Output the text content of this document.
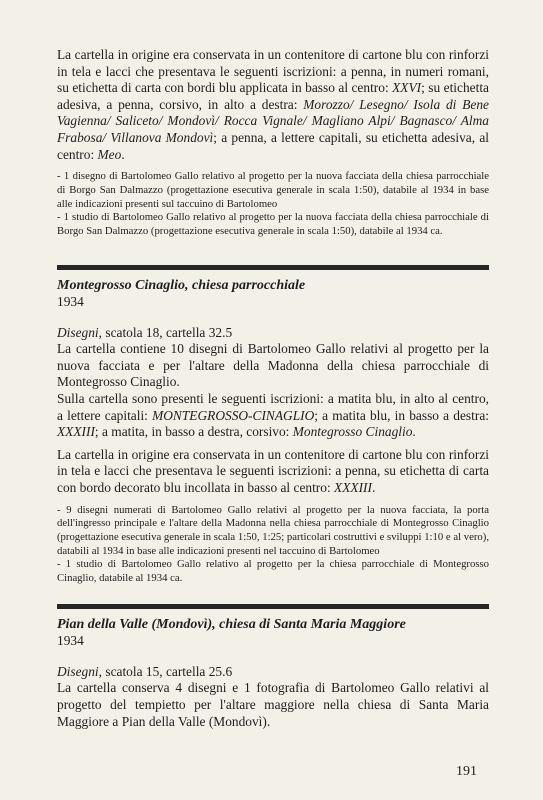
La cartella in origine era conservata in un contenitore di cartone blu con rinforzi in tela e lacci che presentava le seguenti iscrizioni: a penna, in numeri romani, su etichetta di carta con bordi blu applicata in basso al centro: XXVI; su etichetta adesiva, a penna, corsivo, in alto a destra: Morozzo/ Lesegno/ Isola di Bene Vagienna/ Saliceto/ Mondovì/ Rocca Vignale/ Magliano Alpi/ Bagnasco/ Alma Frabosa/ Villanova Mondovì; a penna, a lettere capitali, su etichetta adesiva, al centro: Meo.

- 1 disegno di Bartolomeo Gallo relativo al progetto per la nuova facciata della chiesa parrocchiale di Borgo San Dalmazzo (progettazione esecutiva generale in scala 1:50), databile al 1934 in base alle indicazioni presenti sul taccuino di Bartolomeo

- 1 studio di Bartolomeo Gallo relativo al progetto per la nuova facciata della chiesa parrocchiale di Borgo San Dalmazzo (progettazione esecutiva generale in scala 1:50), databile al 1934 ca.

Montegrosso Cinaglio, chiesa parrocchiale

1934

Disegni, scatola 18, cartella 32.5

La cartella contiene 10 disegni di Bartolomeo Gallo relativi al progetto per la nuova facciata e per l'altare della Madonna della chiesa parrocchiale di Montegrosso Cinaglio.

Sulla cartella sono presenti le seguenti iscrizioni: a matita blu, in alto al centro, a lettere capitali: MONTEGROSSO-CINAGLIO; a matita blu, in basso a destra: XXXIII; a matita, in basso a destra, corsivo: Montegrosso Cinaglio.

La cartella in origine era conservata in un contenitore di cartone blu con rinforzi in tela e lacci che presentava le seguenti iscrizioni: a penna, su etichetta di carta con bordo decorato blu incollata in basso al centro: XXXIII.

- 9 disegni numerati di Bartolomeo Gallo relativi al progetto per la nuova facciata, la porta dell'ingresso principale e l'altare della Madonna nella chiesa parrocchiale di Montegrosso Cinaglio (progettazione esecutiva generale in scala 1:50, 1:25; particolari costruttivi e sviluppi 1:10 e al vero), databili al 1934 in base alle indicazioni presenti nel taccuino di Bartolomeo

- 1 studio di Bartolomeo Gallo relativo al progetto per la chiesa parrocchiale di Montegrosso Cinaglio, databile al 1934 ca.

Pian della Valle (Mondovì), chiesa di Santa Maria Maggiore

1934

Disegni, scatola 15, cartella 25.6

La cartella conserva 4 disegni e 1 fotografia di Bartolomeo Gallo relativi al progetto del tempietto per l'altare maggiore nella chiesa di Santa Maria Maggiore a Pian della Valle (Mondovì).

191
